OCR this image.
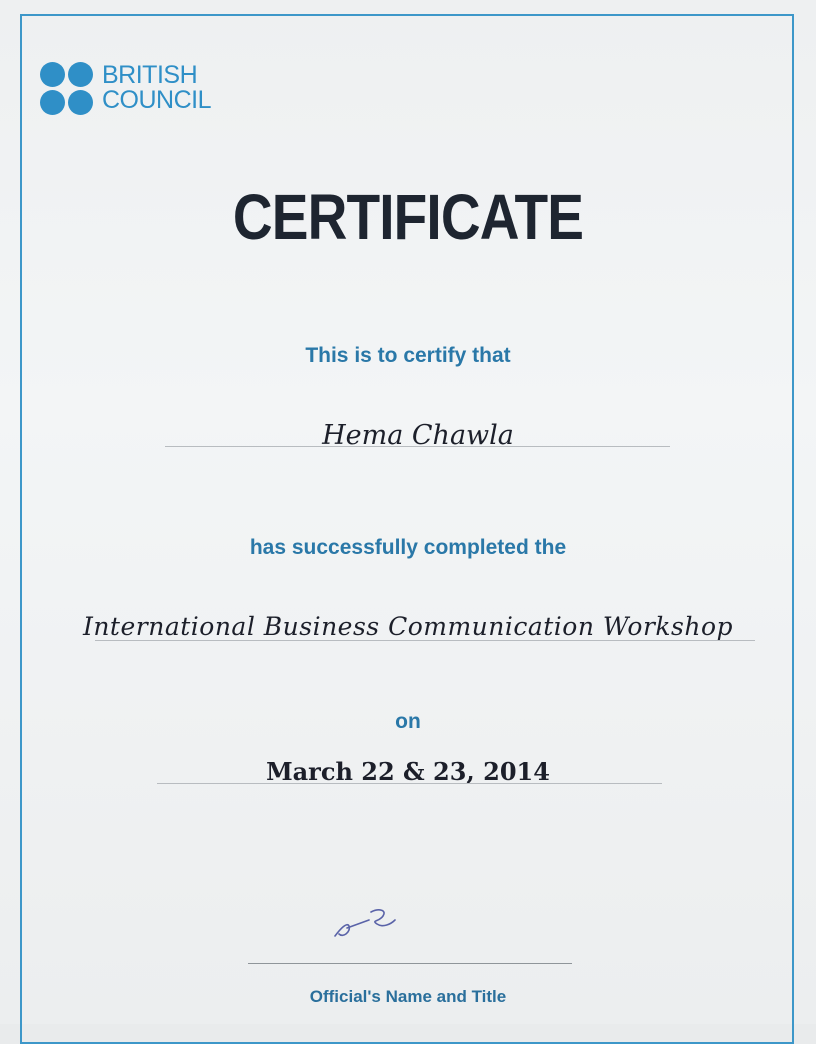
BRITISH
COUNCIL
CERTIFICATE
This is to certify that
Hema Chawla
has successfully completed the
International Business Communication Workshop
on
March 22 & 23, 2014
Official's Name and Title
